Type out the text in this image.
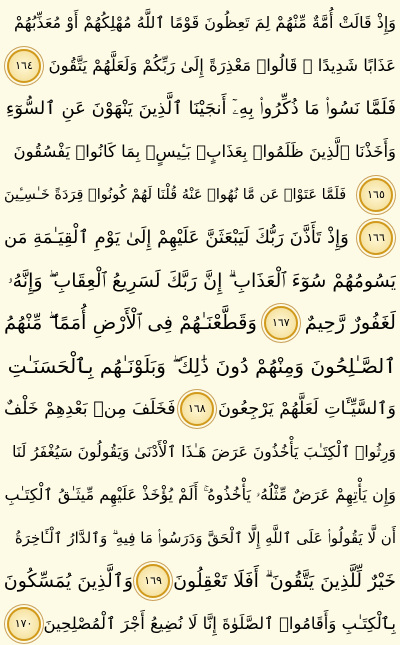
وَإِذْ قَالَتْ أُمَّةٌ مِّنْهُمْ لِمَ تَعِظُونَ قَوْمًا ٱللَّهُ مُهْلِكُهُمْ أَوْ مُعَذِّبُهُمْ
عَذَابًا شَدِيدًا ۖ قَالُوا۟ مَعْذِرَةً إِلَىٰ رَبِّكُمْ وَلَعَلَّهُمْ يَتَّقُونَ
١٦٤
فَلَمَّا نَسُوا۟ مَا ذُكِّرُوا۟ بِهِۦٓ أَنجَيْنَا ٱلَّذِينَ يَنْهَوْنَ عَنِ ٱلسُّوٓءِ
وَأَخَذْنَا ٱلَّذِينَ ظَلَمُوا۟ بِعَذَابٍۭ بَـِٔيسٍۭ بِمَا كَانُوا۟ يَفْسُقُونَ
١٦٥
فَلَمَّا عَتَوْا۟ عَن مَّا نُهُوا۟ عَنْهُ قُلْنَا لَهُمْ كُونُوا۟ قِرَدَةً خَـٰسِـِٔينَ
١٦٦
وَإِذْ تَأَذَّنَ رَبُّكَ لَيَبْعَثَنَّ عَلَيْهِمْ إِلَىٰ يَوْمِ ٱلْقِيَـٰمَةِ مَن
يَسُومُهُمْ سُوٓءَ ٱلْعَذَابِ ۗ إِنَّ رَبَّكَ لَسَرِيعُ ٱلْعِقَابِ ۖ وَإِنَّهُۥ
لَغَفُورٌ رَّحِيمٌ
١٦٧
وَقَطَّعْنَـٰهُمْ فِى ٱلْأَرْضِ أُمَمًا ۖ مِّنْهُمُ
ٱلصَّـٰلِحُونَ وَمِنْهُمْ دُونَ ذَٰلِكَ ۖ وَبَلَوْنَـٰهُم بِٱلْحَسَنَـٰتِ
وَٱلسَّيِّـَٔاتِ لَعَلَّهُمْ يَرْجِعُونَ
١٦٨
فَخَلَفَ مِنۢ بَعْدِهِمْ خَلْفٌ
وَرِثُوا۟ ٱلْكِتَـٰبَ يَأْخُذُونَ عَرَضَ هَـٰذَا ٱلْأَدْنَىٰ وَيَقُولُونَ سَيُغْفَرُ لَنَا
وَإِن يَأْتِهِمْ عَرَضٌ مِّثْلُهُۥ يَأْخُذُوهُ ۚ أَلَمْ يُؤْخَذْ عَلَيْهِم مِّيثَـٰقُ ٱلْكِتَـٰبِ
أَن لَّا يَقُولُوا۟ عَلَى ٱللَّهِ إِلَّا ٱلْحَقَّ وَدَرَسُوا۟ مَا فِيهِ ۗ وَٱلدَّارُ ٱلْـَٔاخِرَةُ
خَيْرٌ لِّلَّذِينَ يَتَّقُونَ ۗ أَفَلَا تَعْقِلُونَ
١٦٩
وَٱلَّذِينَ يُمَسِّكُونَ
بِٱلْكِتَـٰبِ وَأَقَامُوا۟ ٱلصَّلَوٰةَ إِنَّا لَا نُضِيعُ أَجْرَ ٱلْمُصْلِحِينَ
١٧٠
